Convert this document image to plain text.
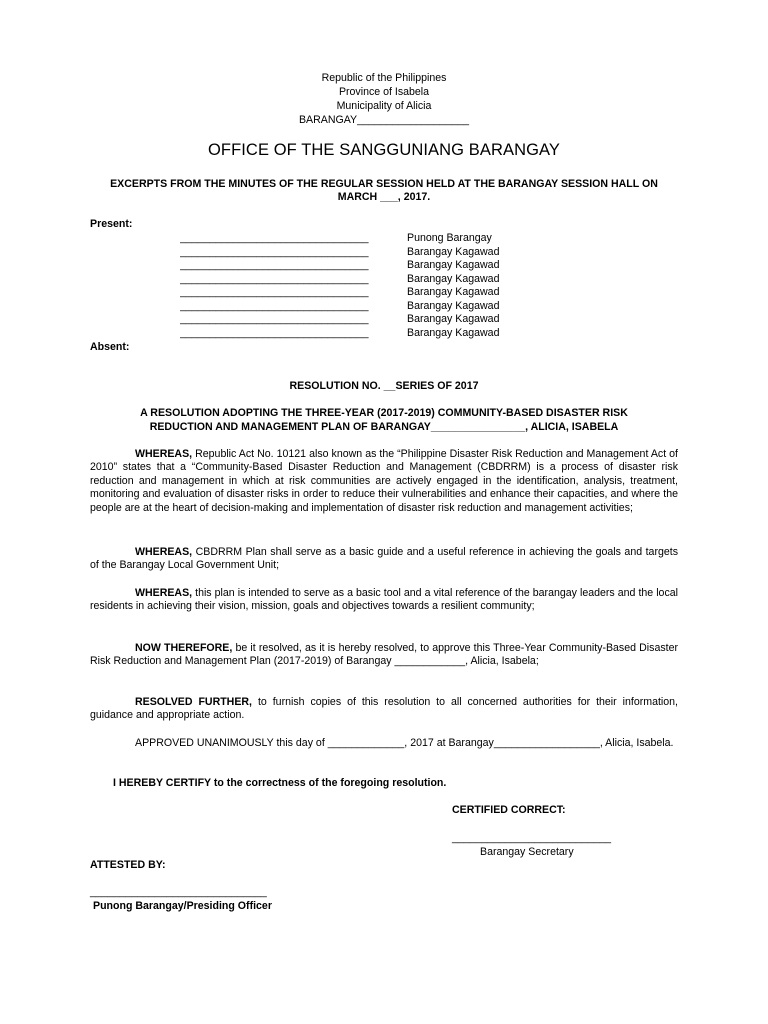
Republic of the Philippines
Province of Isabela
Municipality of Alicia
BARANGAY___________________
OFFICE OF THE SANGGUNIANG BARANGAY
EXCERPTS FROM THE MINUTES OF THE REGULAR SESSION HELD AT THE BARANGAY SESSION HALL ON
MARCH ___, 2017.
Present:
________________________________	Punong Barangay
________________________________	Barangay Kagawad
________________________________	Barangay Kagawad
________________________________	Barangay Kagawad
________________________________	Barangay Kagawad
________________________________	Barangay Kagawad
________________________________	Barangay Kagawad
________________________________	Barangay Kagawad
Absent:
RESOLUTION NO. __SERIES OF 2017
A RESOLUTION ADOPTING THE THREE-YEAR (2017-2019) COMMUNITY-BASED DISASTER RISK
REDUCTION AND MANAGEMENT PLAN OF BARANGAY________________, ALICIA, ISABELA
WHEREAS, Republic Act No. 10121 also known as the “Philippine Disaster Risk Reduction and Management Act of 2010” states that a “Community-Based Disaster Reduction and Management (CBDRRM) is a process of disaster risk reduction and management in which at risk communities are actively engaged in the identification, analysis, treatment, monitoring and evaluation of disaster risks in order to reduce their vulnerabilities and enhance their capacities, and where the people are at the heart of decision-making and implementation of disaster risk reduction and management activities;
WHEREAS, CBDRRM Plan shall serve as a basic guide and a useful reference in achieving the goals and targets of the Barangay Local Government Unit;
WHEREAS, this plan is intended to serve as a basic tool and a vital reference of the barangay leaders and the local residents in achieving their vision, mission, goals and objectives towards a resilient community;
NOW THEREFORE, be it resolved, as it is hereby resolved, to approve this Three-Year Community-Based Disaster Risk Reduction and Management Plan (2017-2019) of Barangay ____________, Alicia, Isabela;
RESOLVED FURTHER, to furnish copies of this resolution to all concerned authorities for their information, guidance and appropriate action.
APPROVED UNANIMOUSLY this day of _____________, 2017 at Barangay__________________, Alicia, Isabela.
I HEREBY CERTIFY to the correctness of the foregoing resolution.
CERTIFIED CORRECT:
___________________________
Barangay Secretary
ATTESTED BY:
______________________________
Punong Barangay/Presiding Officer
